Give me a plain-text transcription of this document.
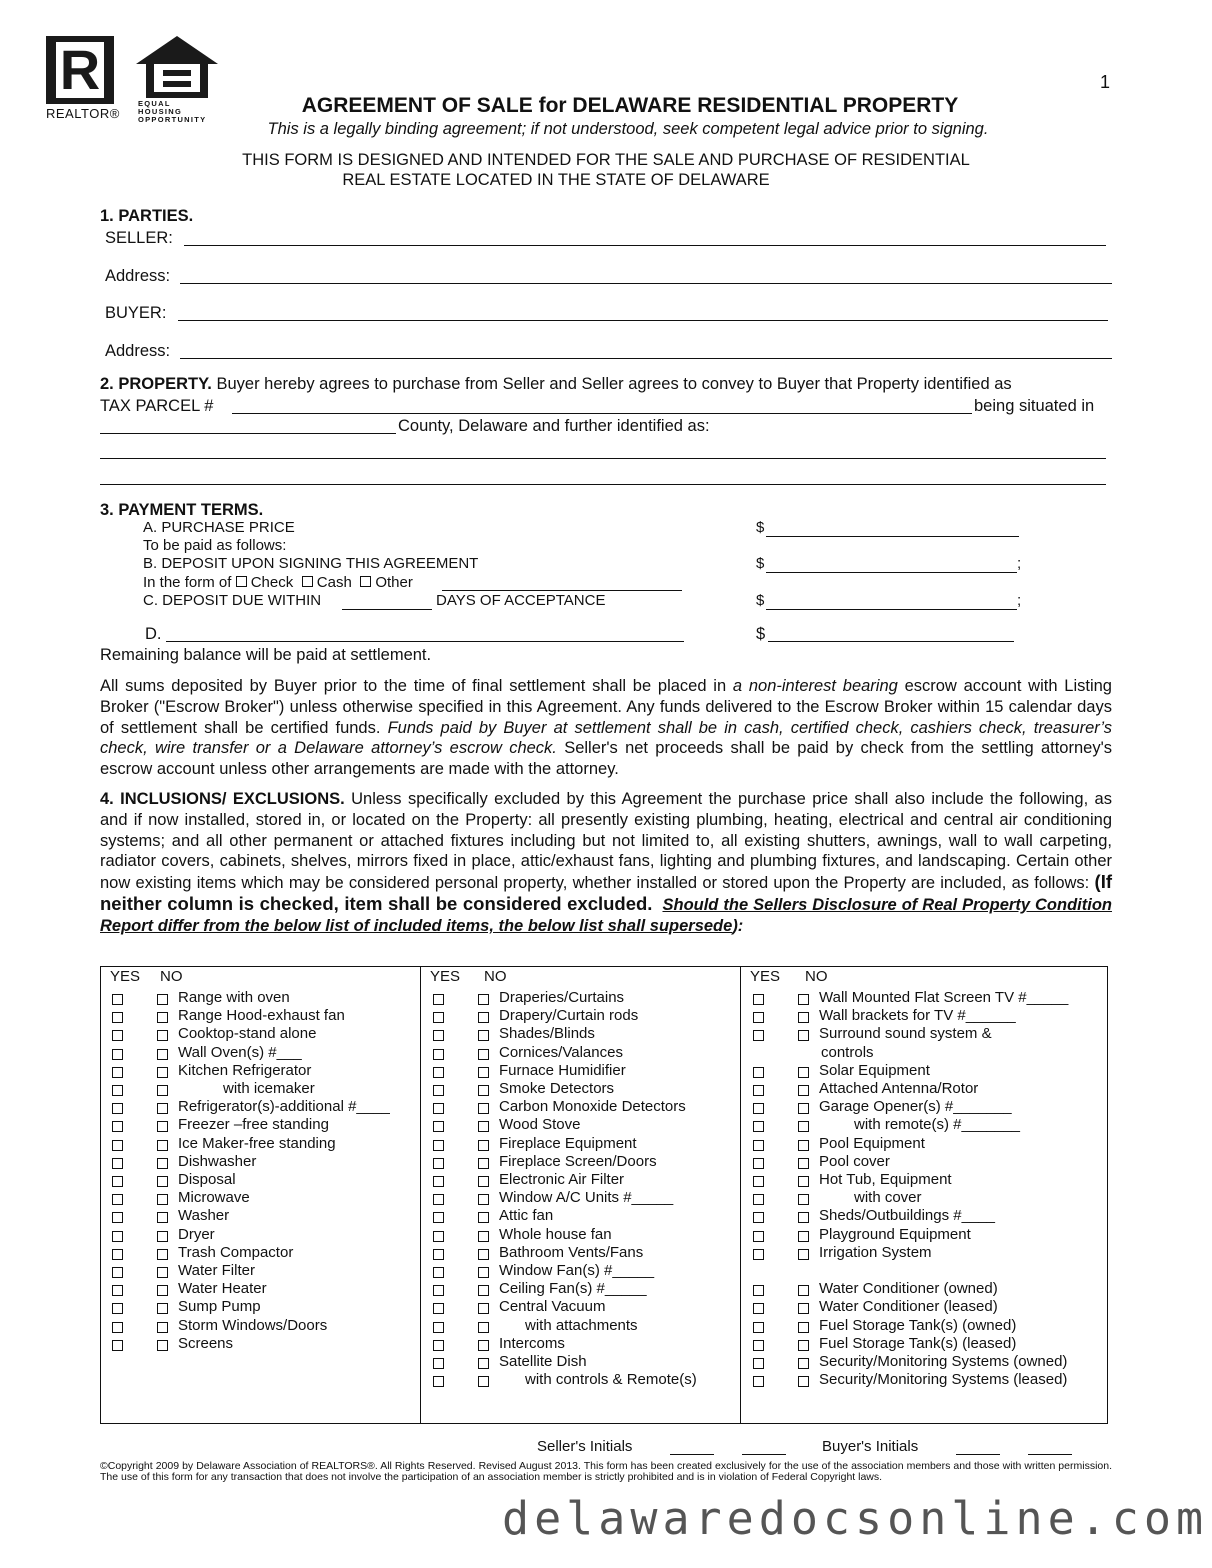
R
REALTOR®
EQUAL HOUSING
OPPORTUNITY
1
AGREEMENT OF SALE for DELAWARE RESIDENTIAL PROPERTY
This is a legally binding agreement; if not understood, seek competent legal advice prior to signing.
THIS FORM IS DESIGNED AND INTENDED FOR THE SALE AND PURCHASE OF RESIDENTIAL
REAL ESTATE LOCATED IN THE STATE OF DELAWARE
1. PARTIES.
SELLER:
Address:
BUYER:
Address:
2. PROPERTY. Buyer hereby agrees to purchase from Seller and Seller agrees to convey to Buyer that Property identified as
TAX PARCEL #	being situated in
County, Delaware and further identified as:
3. PAYMENT TERMS.
A. PURCHASE PRICE	$
To be paid as follows:
B. DEPOSIT UPON SIGNING THIS AGREEMENT	$	;
In the form of Check Cash Other
C. DEPOSIT DUE WITHIN	DAYS OF ACCEPTANCE	$	;
D.	$
Remaining balance will be paid at settlement.
All sums deposited by Buyer prior to the time of final settlement shall be placed in a non-interest bearing escrow account with Listing Broker ("Escrow Broker") unless otherwise specified in this Agreement. Any funds delivered to the Escrow Broker within 15 calendar days of settlement shall be certified funds. Funds paid by Buyer at settlement shall be in cash, certified check, cashiers check, treasurer’s check, wire transfer or a Delaware attorney’s escrow check. Seller's net proceeds shall be paid by check from the settling attorney's escrow account unless other arrangements are made with the attorney.
4. INCLUSIONS/ EXCLUSIONS. Unless specifically excluded by this Agreement the purchase price shall also include the following, as and if now installed, stored in, or located on the Property: all presently existing plumbing, heating, electrical and central air conditioning systems; and all other permanent or attached fixtures including but not limited to, all existing shutters, awnings, wall to wall carpeting, radiator covers, cabinets, shelves, mirrors fixed in place, attic/exhaust fans, lighting and plumbing fixtures, and landscaping. Certain other now existing items which may be considered personal property, whether installed or stored upon the Property are included, as follows: (If neither column is checked, item shall be considered excluded. Should the Sellers Disclosure of Real Property Condition Report differ from the below list of included items, the below list shall supersede):
YES NO
Range with oven
Range Hood-exhaust fan
Cooktop-stand alone
Wall Oven(s) #___
Kitchen Refrigerator
with icemaker
Refrigerator(s)-additional #____
Freezer –free standing
Ice Maker-free standing
Dishwasher
Disposal
Microwave
Washer
Dryer
Trash Compactor
Water Filter
Water Heater
Sump Pump
Storm Windows/Doors
Screens
YES NO
Draperies/Curtains
Drapery/Curtain rods
Shades/Blinds
Cornices/Valances
Furnace Humidifier
Smoke Detectors
Carbon Monoxide Detectors
Wood Stove
Fireplace Equipment
Fireplace Screen/Doors
Electronic Air Filter
Window A/C Units #_____
Attic fan
Whole house fan
Bathroom Vents/Fans
Window Fan(s) #_____
Ceiling Fan(s) #_____
Central Vacuum
with attachments
Intercoms
Satellite Dish
with controls & Remote(s)
YES NO
Wall Mounted Flat Screen TV #_____
Wall brackets for TV #______
Surround sound system &
controls
Solar Equipment
Attached Antenna/Rotor
Garage Opener(s) #_______
with remote(s) #_______
Pool Equipment
Pool cover
Hot Tub, Equipment
with cover
Sheds/Outbuildings #____
Playground Equipment
Irrigation System
Water Conditioner (owned)
Water Conditioner (leased)
Fuel Storage Tank(s) (owned)
Fuel Storage Tank(s) (leased)
Security/Monitoring Systems (owned)
Security/Monitoring Systems (leased)
Seller's Initials	Buyer's Initials
©Copyright 2009 by Delaware Association of REALTORS®. All Rights Reserved. Revised August 2013. This form has been created exclusively for the use of the association members and those with written permission. The use of this form for any transaction that does not involve the participation of an association member is strictly prohibited and is in violation of Federal Copyright laws.
delawaredocsonline.com
